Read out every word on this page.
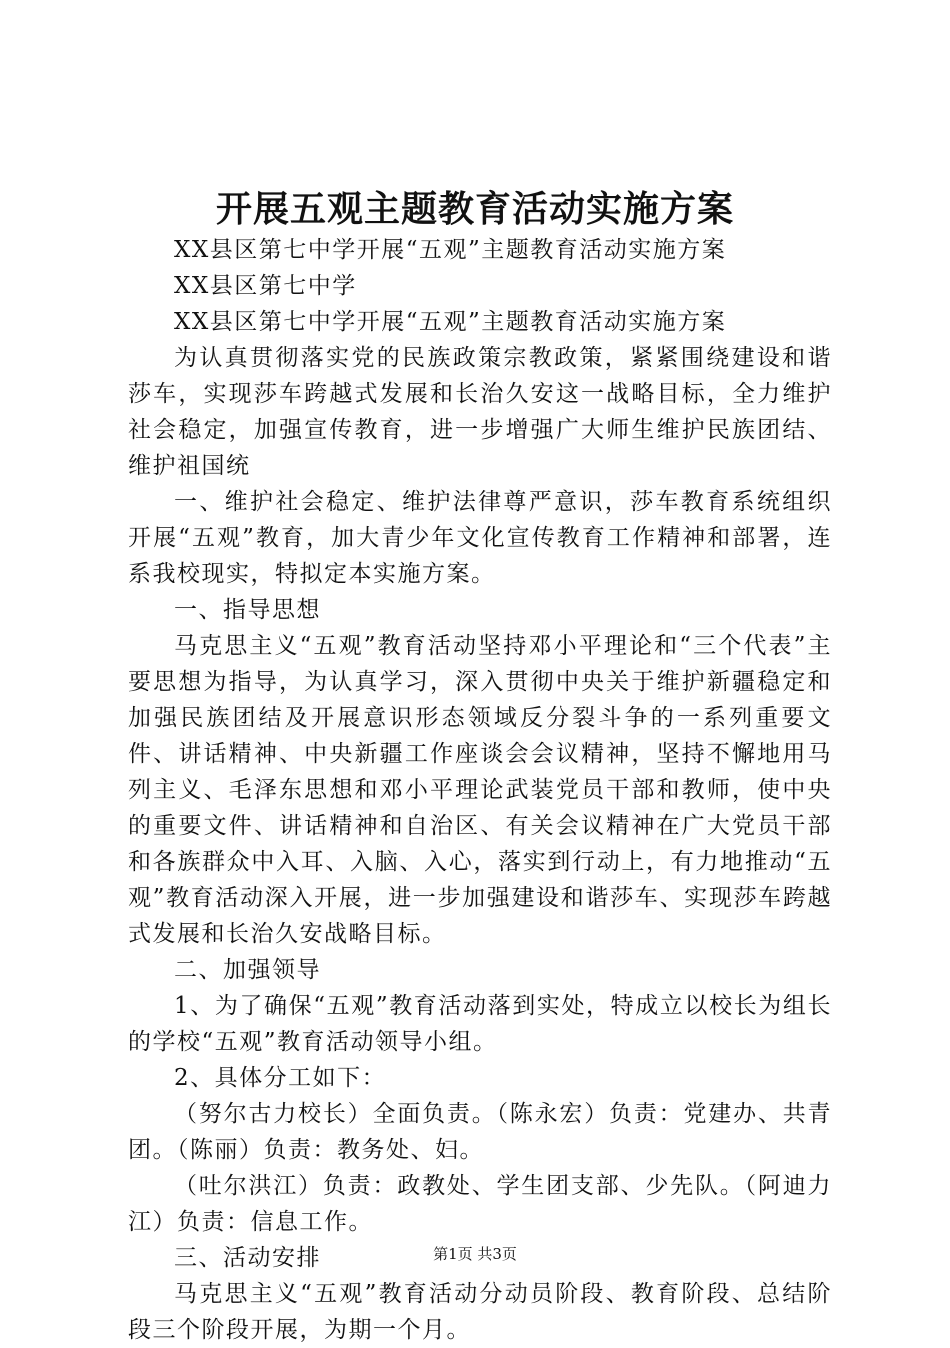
开展五观主题教育活动实施方案

XX县区第七中学开展“五观”主题教育活动实施方案

XX县区第七中学

XX县区第七中学开展“五观”主题教育活动实施方案

为认真贯彻落实党的民族政策宗教政策，紧紧围绕建设和谐莎车，实现莎车跨越式发展和长治久安这一战略目标，全力维护社会稳定，加强宣传教育，进一步增强广大师生维护民族团结、维护祖国统

一、维护社会稳定、维护法律尊严意识，莎车教育系统组织开展“五观”教育，加大青少年文化宣传教育工作精神和部署，连系我校现实，特拟定本实施方案。

一、指导思想

马克思主义“五观”教育活动坚持邓小平理论和“三个代表”主要思想为指导，为认真学习，深入贯彻中央关于维护新疆稳定和加强民族团结及开展意识形态领域反分裂斗争的一系列重要文件、讲话精神、中央新疆工作座谈会会议精神，坚持不懈地用马列主义、毛泽东思想和邓小平理论武装党员干部和教师，使中央的重要文件、讲话精神和自治区、有关会议精神在广大党员干部和各族群众中入耳、入脑、入心，落实到行动上，有力地推动“五观”教育活动深入开展，进一步加强建设和谐莎车、实现莎车跨越式发展和长治久安战略目标。

二、加强领导

1、为了确保“五观”教育活动落到实处，特成立以校长为组长的学校“五观”教育活动领导小组。

2、具体分工如下：

（努尔古力校长）全面负责。（陈永宏）负责：党建办、共青团。（陈丽）负责：教务处、妇。

（吐尔洪江）负责：政教处、学生团支部、少先队。（阿迪力江）负责：信息工作。

三、活动安排

马克思主义“五观”教育活动分动员阶段、教育阶段、总结阶段三个阶段开展，为期一个月。

第1页 共3页
